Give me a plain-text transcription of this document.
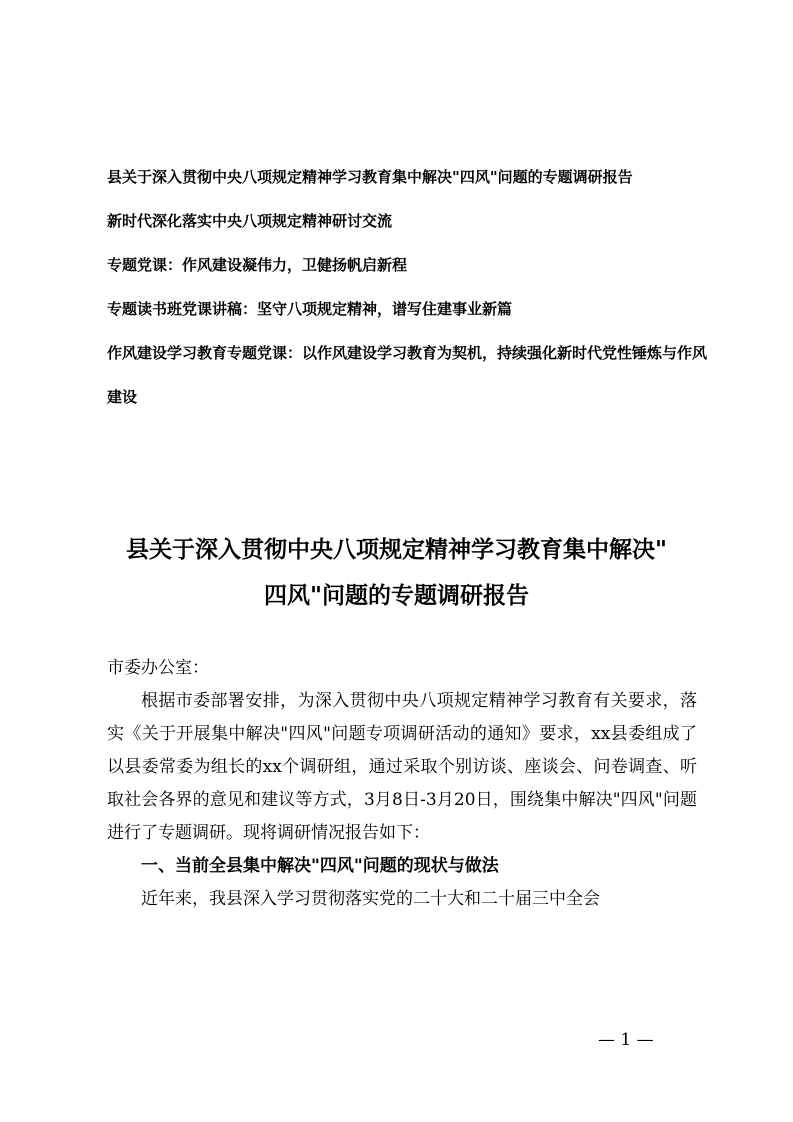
县关于深入贯彻中央八项规定精神学习教育集中解决"四风"问题的专题调研报告

新时代深化落实中央八项规定精神研讨交流

专题党课：作风建设凝伟力，卫健扬帆启新程

专题读书班党课讲稿：坚守八项规定精神，谱写住建事业新篇

作风建设学习教育专题党课：以作风建设学习教育为契机，持续强化新时代党性锤炼与作风建设

县关于深入贯彻中央八项规定精神学习教育集中解决"
四风"问题的专题调研报告

市委办公室：

根据市委部署安排，为深入贯彻中央八项规定精神学习教育有关要求，落实《关于开展集中解决"四风"问题专项调研活动的通知》要求，xx县委组成了以县委常委为组长的xx个调研组，通过采取个别访谈、座谈会、问卷调查、听取社会各界的意见和建议等方式，3月8日-3月20日，围绕集中解决"四风"问题进行了专题调研。现将调研情况报告如下：

一、当前全县集中解决"四风"问题的现状与做法

近年来，我县深入学习贯彻落实党的二十大和二十届三中全会

— 1 —
